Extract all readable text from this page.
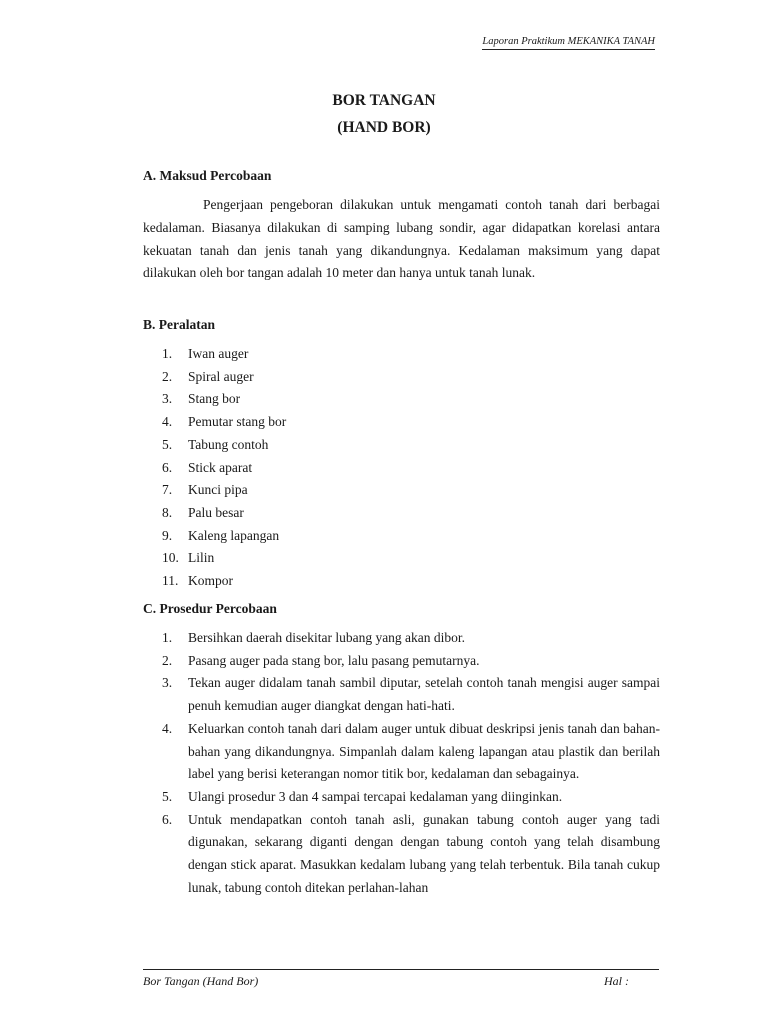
Laporan Praktikum MEKANIKA TANAH
BOR TANGAN
(HAND BOR)
A. Maksud Percobaan

Pengerjaan pengeboran dilakukan untuk mengamati contoh tanah dari berbagai kedalaman. Biasanya dilakukan di samping lubang sondir, agar didapatkan korelasi antara kekuatan tanah dan jenis tanah yang dikandungnya. Kedalaman maksimum yang dapat dilakukan oleh bor tangan adalah 10 meter dan hanya untuk tanah lunak.

B. Peralatan
1. Iwan auger
2. Spiral auger
3. Stang bor
4. Pemutar stang bor
5. Tabung contoh
6. Stick aparat
7. Kunci pipa
8. Palu besar
9. Kaleng lapangan
10. Lilin
11. Kompor
C. Prosedur Percobaan
1. Bersihkan daerah disekitar lubang yang akan dibor.
2. Pasang auger pada stang bor, lalu pasang pemutarnya.
3. Tekan auger didalam tanah sambil diputar, setelah contoh tanah mengisi auger sampai penuh kemudian auger diangkat dengan hati-hati.
4. Keluarkan contoh tanah dari dalam auger untuk dibuat deskripsi jenis tanah dan bahan-bahan yang dikandungnya. Simpanlah dalam kaleng lapangan atau plastik dan berilah label yang berisi keterangan nomor titik bor, kedalaman dan sebagainya.
5. Ulangi prosedur 3 dan 4 sampai tercapai kedalaman yang diinginkan.
6. Untuk mendapatkan contoh tanah asli, gunakan tabung contoh auger yang tadi digunakan, sekarang diganti dengan dengan tabung contoh yang telah disambung dengan stick aparat. Masukkan kedalam lubang yang telah terbentuk. Bila tanah cukup lunak, tabung contoh ditekan perlahan-lahan
Bor Tangan (Hand Bor)	Hal :
